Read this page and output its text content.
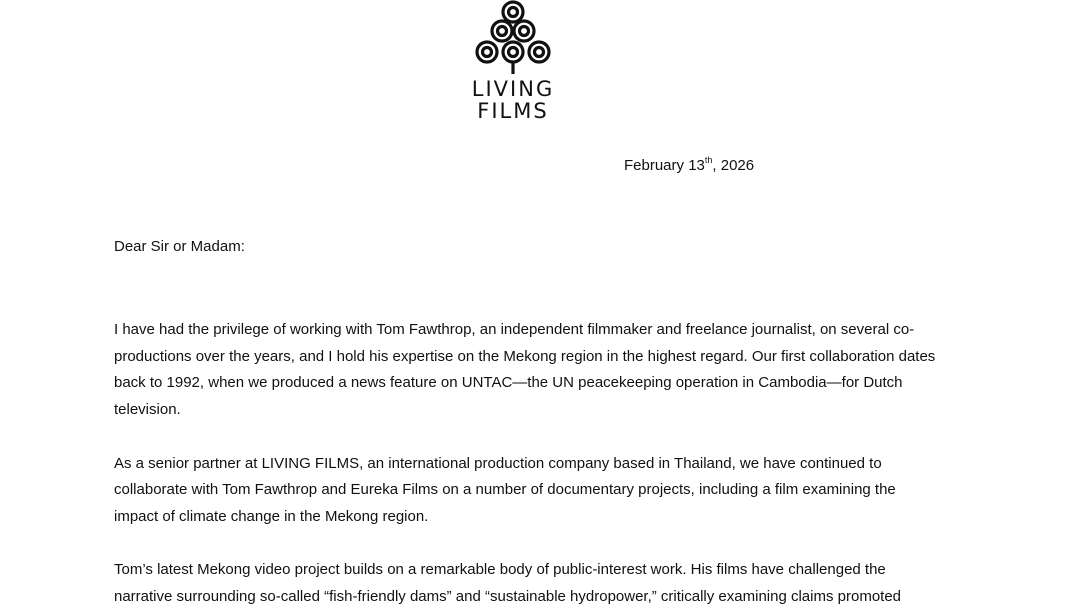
LIVING
FILMS
February 13th, 2026
Dear Sir or Madam:

I have had the privilege of working with Tom Fawthrop, an independent filmmaker and freelance journalist, on several co-productions over the years, and I hold his expertise on the Mekong region in the highest regard. Our first collaboration dates back to 1992, when we produced a news feature on UNTAC—the UN peacekeeping operation in Cambodia—for Dutch television.

As a senior partner at LIVING FILMS, an international production company based in Thailand, we have continued to collaborate with Tom Fawthrop and Eureka Films on a number of documentary projects, including a film examining the impact of climate change in the Mekong region.

Tom’s latest Mekong video project builds on a remarkable body of public-interest work. His films have challenged the narrative surrounding so-called “fish-friendly dams” and “sustainable hydropower,” critically examining claims promoted
